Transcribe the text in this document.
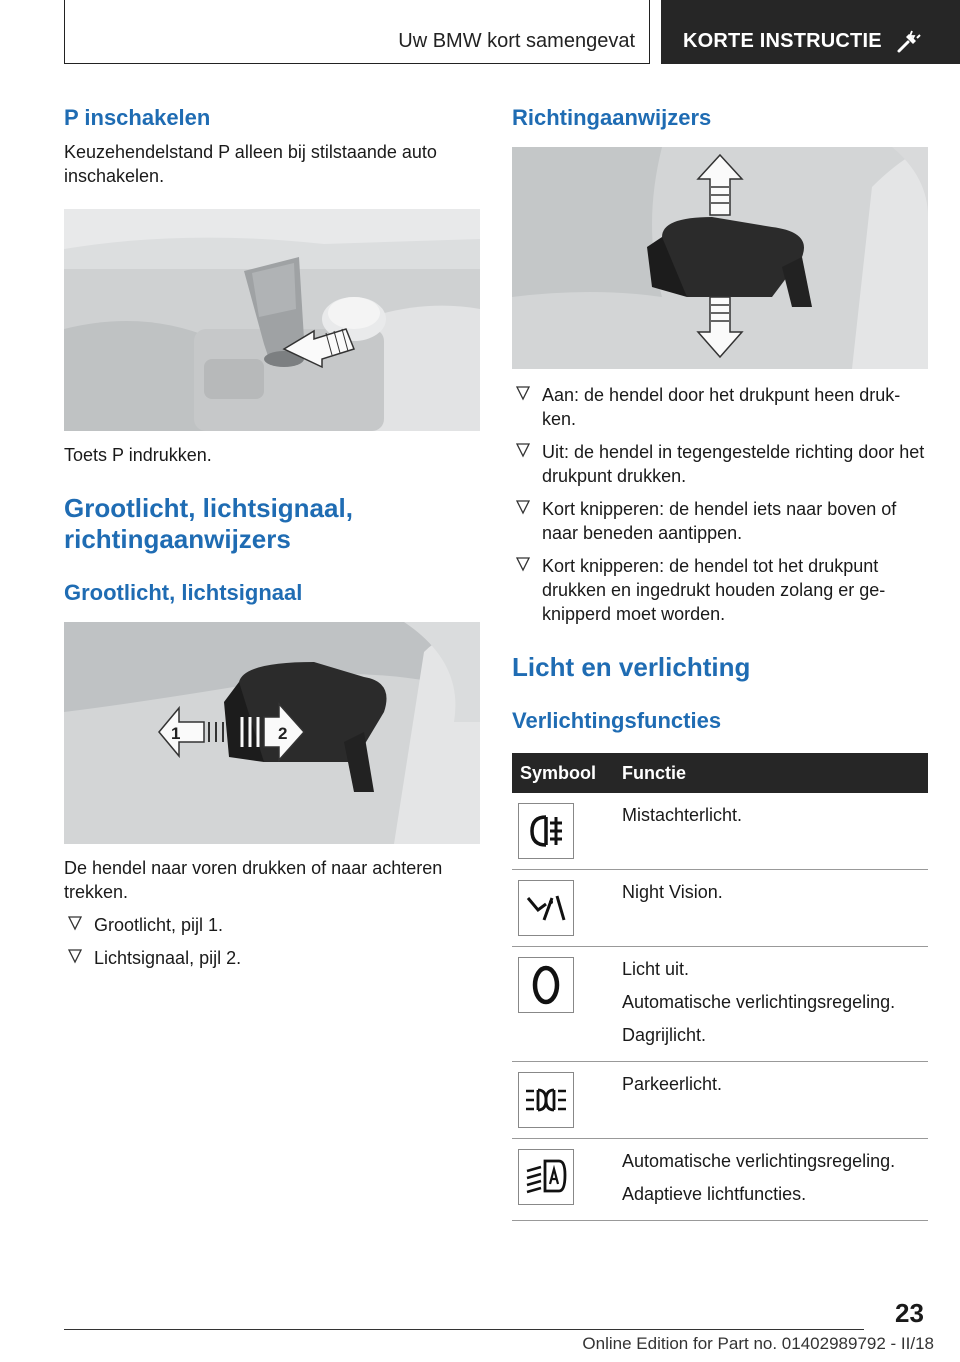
Uw BMW kort samengevat KORTE INSTRUCTIE
P inschakelen

Keuzehendelstand P alleen bij stilstaande auto inschakelen.

Toets P indrukken.

Grootlicht, lichtsignaal, richtingaanwijzers
Grootlicht, lichtsignaal
1	2

De hendel naar voren drukken of naar achteren trekken.

Grootlicht, pijl 1.
Lichtsignaal, pijl 2.
Richtingaanwijzers
Aan: de hendel door het drukpunt heen druk-ken.
Uit: de hendel in tegengestelde richting door het drukpunt drukken.
Kort knipperen: de hendel iets naar boven of naar beneden aantippen.
Kort knipperen: de hendel tot het drukpunt drukken en ingedrukt houden zolang er ge-knipperd moet worden.
Licht en verlichting
Verlichtingsfuncties
Symbool	Functie

Mistachterlicht.

Night Vision.

Licht uit.
Automatische verlichtingsregeling.
Dagrijlicht.

Parkeerlicht.

Automatische verlichtingsregeling.
Adaptieve lichtfuncties.
23
Online Edition for Part no. 01402989792 - II/18
